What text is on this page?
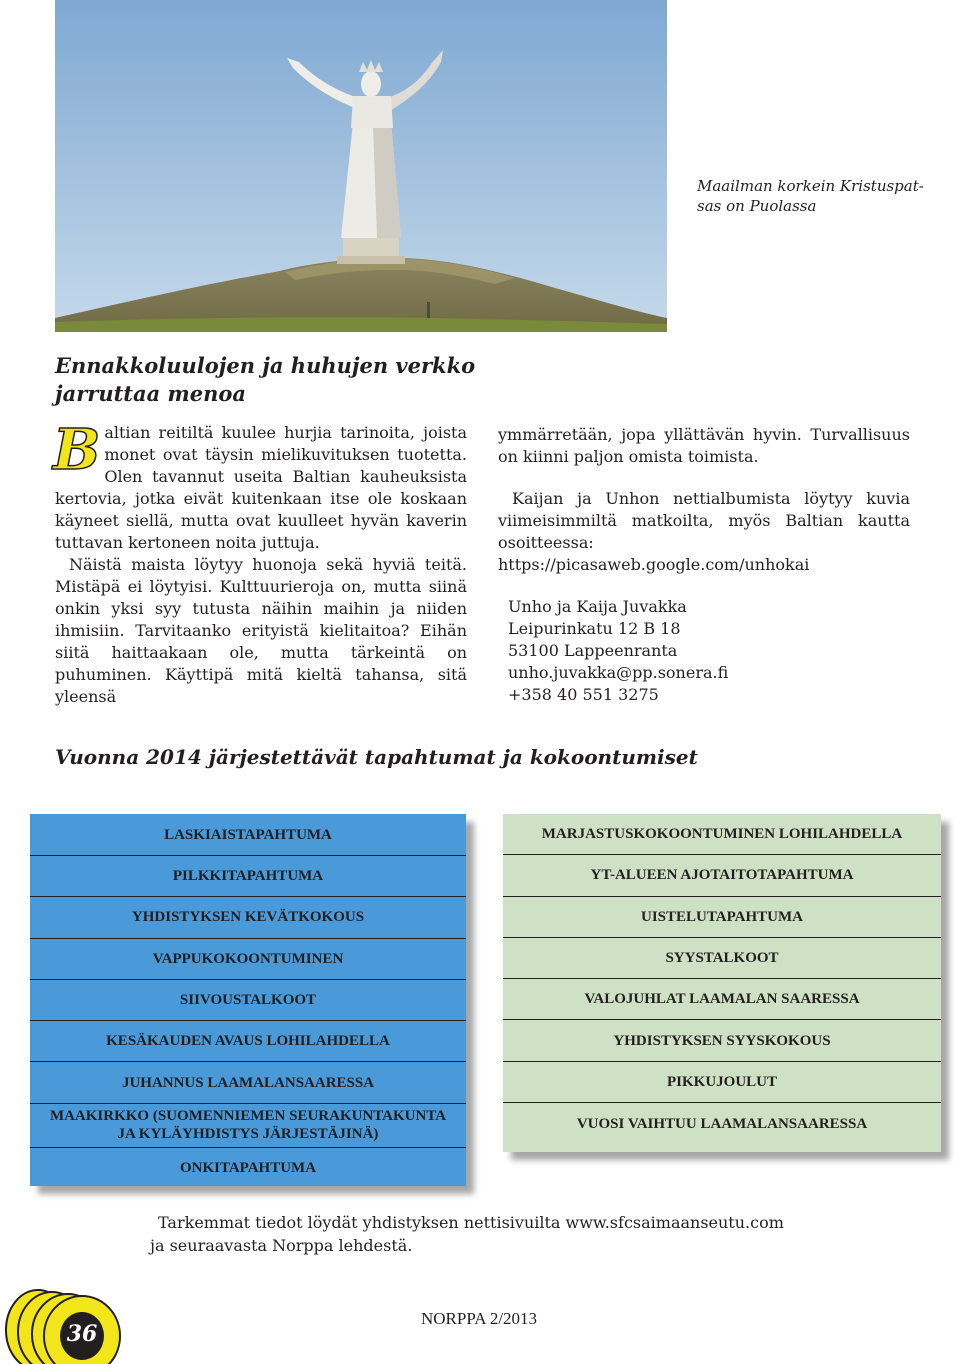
Maailman korkein Kristuspat-
sas on Puolassa

Ennakkoluulojen ja huhujen verkko
jarruttaa menoa

Baltian reitiltä kuulee hurjia tarinoita, joista monet ovat täysin mielikuvituksen tuotetta. Olen tavannut useita Baltian kauheuksista kertovia, jotka eivät kuitenkaan itse ole koskaan käyneet siellä, mutta ovat kuulleet hyvän kaverin tuttavan kertoneen noita juttuja.

Näistä maista löytyy huonoja sekä hyviä teitä. Mistäpä ei löytyisi. Kulttuurieroja on, mutta siinä onkin yksi syy tutusta näihin maihin ja niiden ihmisiin. Tarvitaanko erityistä kielitaitoa? Eihän siitä haittaakaan ole, mutta tärkeintä on puhuminen. Käyttipä mitä kieltä tahansa, sitä yleensä

ymmärretään, jopa yllättävän hyvin. Turvallisuus on kiinni paljon omista toimista.

Kaijan ja Unhon nettialbumista löytyy kuvia viimeisimmiltä matkoilta, myös Baltian kautta osoitteessa: https://picasaweb.google.com/unhokai

Unho ja Kaija Juvakka

Leipurinkatu 12 B 18

53100 Lappeenranta

unho.juvakka@pp.sonera.fi

+358 40 551 3275

Vuonna 2014 järjestettävät tapahtumat ja kokoontumiset
LASKIAISTAPAHTUMA
PILKKITAPAHTUMA
YHDISTYKSEN KEVÄTKOKOUS
VAPPUKOKOONTUMINEN
SIIVOUSTALKOOT
KESÄKAUDEN AVAUS LOHILAHDELLA
JUHANNUS LAAMALANSAARESSA
MAAKIRKKO (SUOMENNIEMEN SEURAKUNTAKUNTA
JA KYLÄYHDISTYS JÄRJESTÄJINÄ)
ONKITAPAHTUMA
MARJASTUSKOKOONTUMINEN LOHILAHDELLA
YT-ALUEEN AJOTAITOTAPAHTUMA
UISTELUTAPAHTUMA
SYYSTALKOOT
VALOJUHLAT LAAMALAN SAARESSA
YHDISTYKSEN SYYSKOKOUS
PIKKUJOULUT
VUOSI VAIHTUU LAAMALANSAARESSA

Tarkemmat tiedot löydät yhdistyksen nettisivuilta www.sfcsaimaanseutu.com
ja seuraavasta Norppa lehdestä.

36

NORPPA 2/2013
